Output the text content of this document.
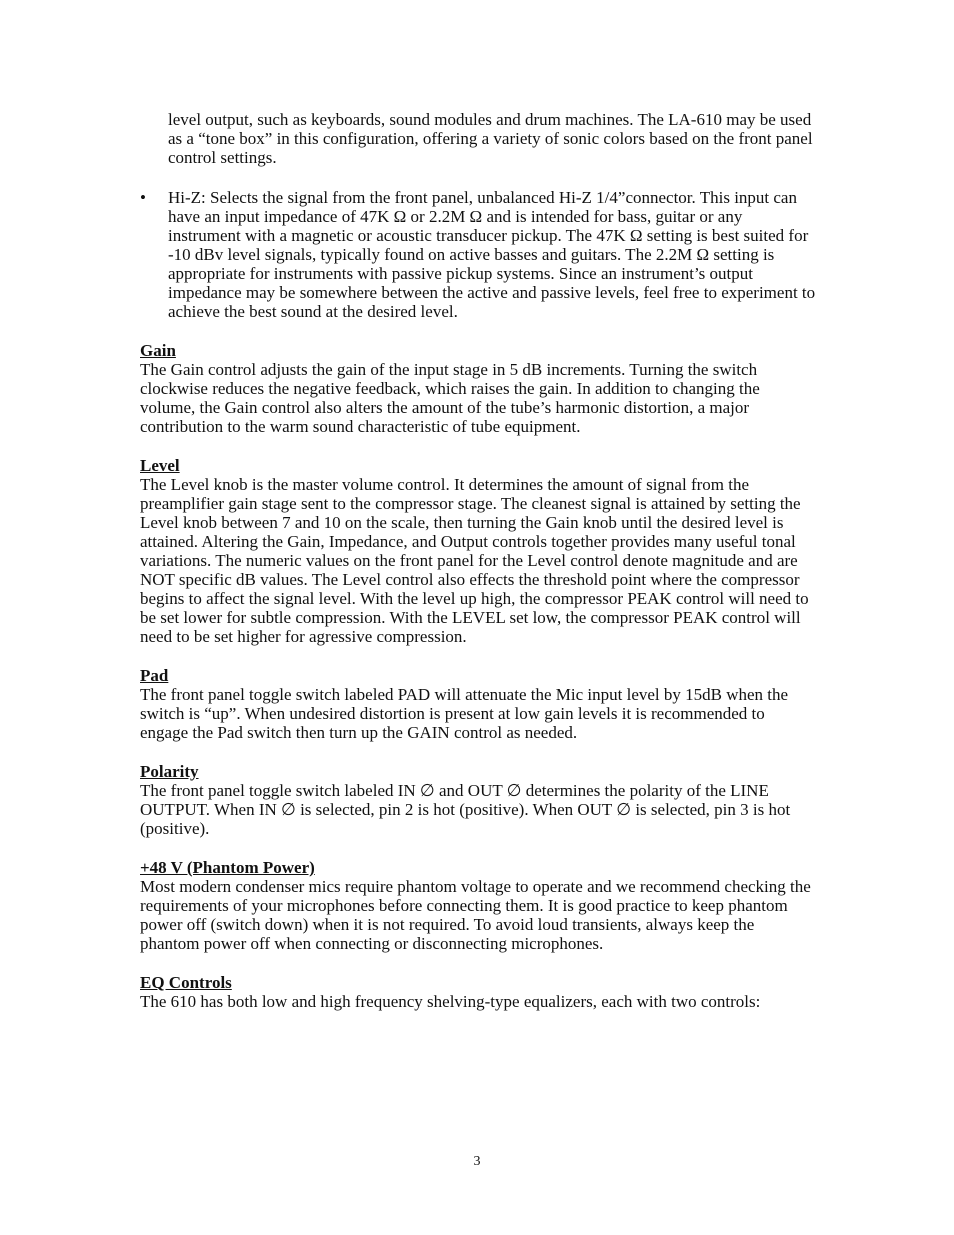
level output, such as keyboards, sound modules and drum machines. The LA-610 may be used as a “tone box” in this configuration, offering a variety of sonic colors based on the front panel control settings.

• Hi-Z: Selects the signal from the front panel, unbalanced Hi-Z 1/4”connector. This input can have an input impedance of 47K Ω or 2.2M Ω and is intended for bass, guitar or any instrument with a magnetic or acoustic transducer pickup. The 47K Ω setting is best suited for -10 dBv level signals, typically found on active basses and guitars. The 2.2M Ω setting is appropriate for instruments with passive pickup systems. Since an instrument’s output impedance may be somewhere between the active and passive levels, feel free to experiment to achieve the best sound at the desired level.

Gain

The Gain control adjusts the gain of the input stage in 5 dB increments. Turning the switch clockwise reduces the negative feedback, which raises the gain. In addition to changing the volume, the Gain control also alters the amount of the tube’s harmonic distortion, a major contribution to the warm sound characteristic of tube equipment.

Level

The Level knob is the master volume control. It determines the amount of signal from the preamplifier gain stage sent to the compressor stage. The cleanest signal is attained by setting the Level knob between 7 and 10 on the scale, then turning the Gain knob until the desired level is attained. Altering the Gain, Impedance, and Output controls together provides many useful tonal variations. The numeric values on the front panel for the Level control denote magnitude and are NOT specific dB values. The Level control also effects the threshold point where the compressor begins to affect the signal level. With the level up high, the compressor PEAK control will need to be set lower for subtle compression. With the LEVEL set low, the compressor PEAK control will need to be set higher for agressive compression.

Pad

The front panel toggle switch labeled PAD will attenuate the Mic input level by 15dB when the switch is “up”. When undesired distortion is present at low gain levels it is recommended to engage the Pad switch then turn up the GAIN control as needed.

Polarity

The front panel toggle switch labeled IN ∅ and OUT ∅ determines the polarity of the LINE OUTPUT. When IN ∅ is selected, pin 2 is hot (positive). When OUT ∅ is selected, pin 3 is hot (positive).

+48 V (Phantom Power)

Most modern condenser mics require phantom voltage to operate and we recommend checking the requirements of your microphones before connecting them. It is good practice to keep phantom power off (switch down) when it is not required. To avoid loud transients, always keep the phantom power off when connecting or disconnecting microphones.

EQ Controls

The 610 has both low and high frequency shelving-type equalizers, each with two controls:

3
